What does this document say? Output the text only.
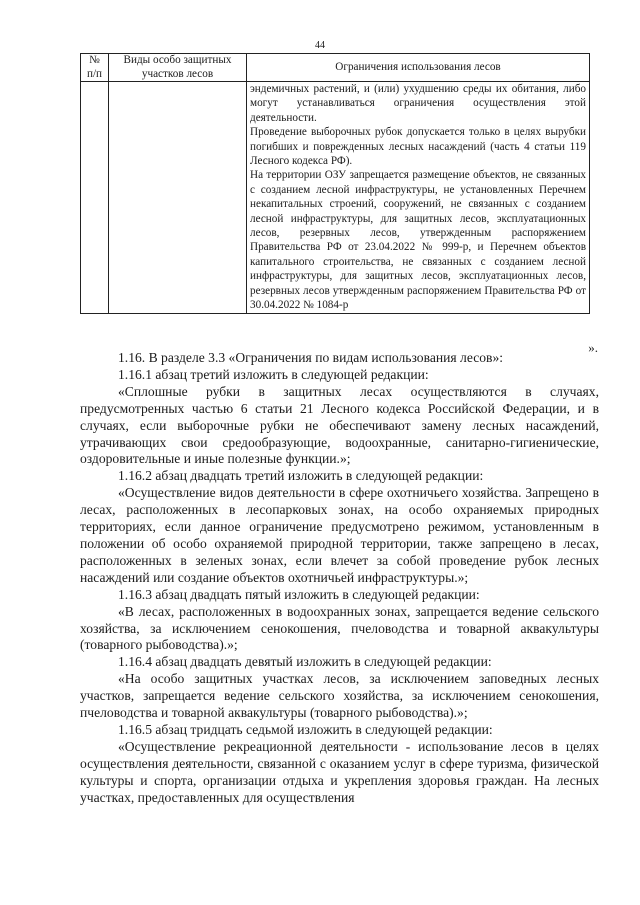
44
№ п/п	Виды особо защитных участков лесов	Ограничения использования лесов

		эндемичных растений, и (или) ухудшению среды их обитания, либо могут устанавливаться ограничения осуществления этой деятельности.

Проведение выборочных рубок допускается только в целях вырубки погибших и поврежденных лесных насаждений (часть 4 статьи 119 Лесного кодекса РФ).

На территории ОЗУ запрещается размещение объектов, не связанных с созданием лесной инфраструктуры, не установленных Перечнем некапитальных строений, сооружений, не связанных с созданием лесной инфраструктуры, для защитных лесов, эксплуатационных лесов, резервных лесов, утвержденным распоряжением Правительства РФ от 23.04.2022 № 999-р, и Перечнем объектов капитального строительства, не связанных с созданием лесной инфраструктуры, для защитных лесов, эксплуатационных лесов, резервных лесов утвержденным распоряжением Правительства РФ от 30.04.2022 № 1084-р

».

1.16. В разделе 3.3 «Ограничения по видам использования лесов»:

1.16.1 абзац третий изложить в следующей редакции:

«Сплошные рубки в защитных лесах осуществляются в случаях, предусмотренных частью 6 статьи 21 Лесного кодекса Российской Федерации, и в случаях, если выборочные рубки не обеспечивают замену лесных насаждений, утрачивающих свои средообразующие, водоохранные, санитарно-гигиенические, оздоровительные и иные полезные функции.»;

1.16.2 абзац двадцать третий изложить в следующей редакции:

«Осуществление видов деятельности в сфере охотничьего хозяйства. Запрещено в лесах, расположенных в лесопарковых зонах, на особо охраняемых природных территориях, если данное ограничение предусмотрено режимом, установленным в положении об особо охраняемой природной территории, также запрещено в лесах, расположенных в зеленых зонах, если влечет за собой проведение рубок лесных насаждений или создание объектов охотничьей инфраструктуры.»;

1.16.3 абзац двадцать пятый изложить в следующей редакции:

«В лесах, расположенных в водоохранных зонах, запрещается ведение сельского хозяйства, за исключением сенокошения, пчеловодства и товарной аквакультуры (товарного рыбоводства).»;

1.16.4 абзац двадцать девятый изложить в следующей редакции:

«На особо защитных участках лесов, за исключением заповедных лесных участков, запрещается ведение сельского хозяйства, за исключением сенокошения, пчеловодства и товарной аквакультуры (товарного рыбоводства).»;

1.16.5 абзац тридцать седьмой изложить в следующей редакции:

«Осуществление рекреационной деятельности - использование лесов в целях осуществления деятельности, связанной с оказанием услуг в сфере туризма, физической культуры и спорта, организации отдыха и укрепления здоровья граждан. На лесных участках, предоставленных для осуществления
